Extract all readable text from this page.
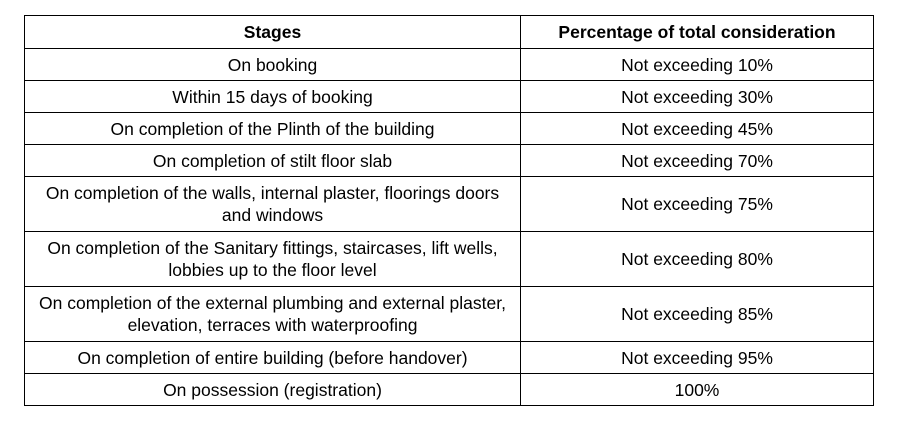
Stages	Percentage of total consideration
On booking	Not exceeding 10%
Within 15 days of booking	Not exceeding 30%
On completion of the Plinth of the building	Not exceeding 45%
On completion of stilt floor slab	Not exceeding 70%
On completion of the walls, internal plaster, floorings doors and windows	Not exceeding 75%
On completion of the Sanitary fittings, staircases, lift wells, lobbies up to the floor level	Not exceeding 80%
On completion of the external plumbing and external plaster, elevation, terraces with waterproofing	Not exceeding 85%
On completion of entire building (before handover)	Not exceeding 95%
On possession (registration)	100%
